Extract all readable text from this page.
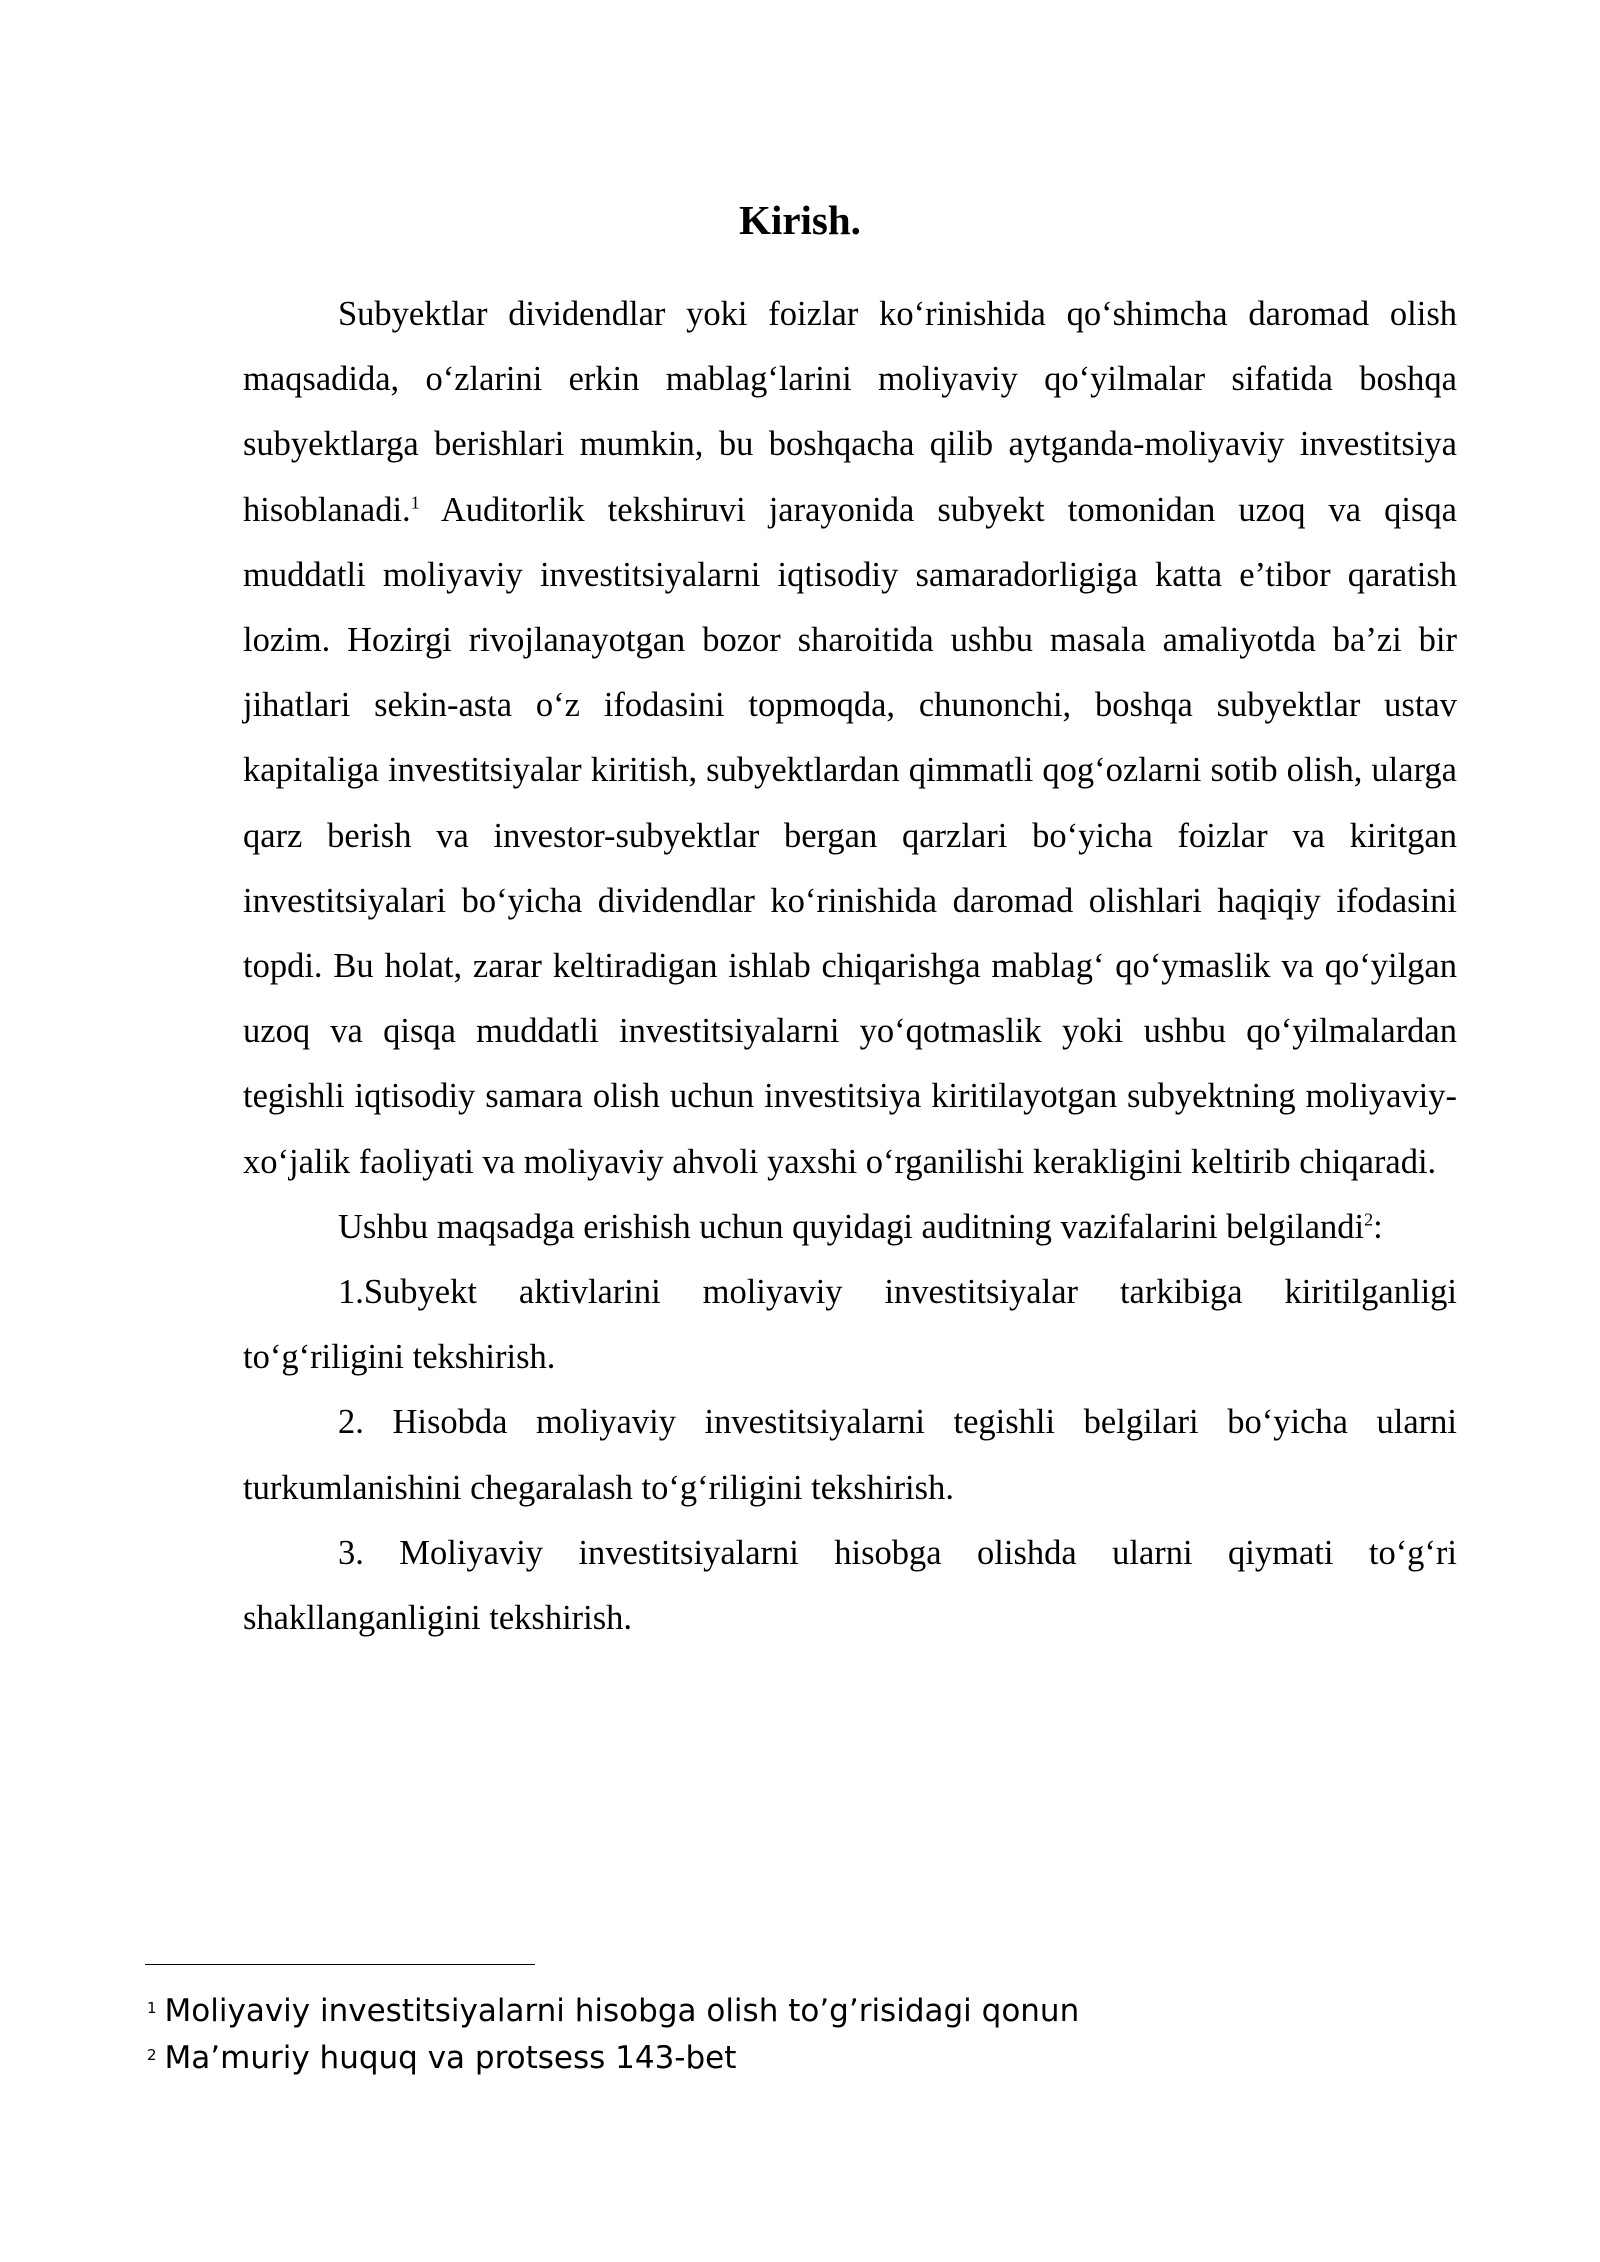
Kirish.

Subyektlar dividendlar yoki foizlar ko‘rinishida qo‘shimcha daromad olish maqsadida, o‘zlarini erkin mablag‘larini moliyaviy qo‘yilmalar sifatida boshqa subyektlarga berishlari mumkin, bu boshqacha qilib aytganda-moliyaviy investitsiya hisoblanadi.$^1$ Auditorlik tekshiruvi jarayonida subyekt tomonidan uzoq va qisqa muddatli moliyaviy investitsiyalarni iqtisodiy samaradorligiga katta e’tibor qaratish lozim. Hozirgi rivojlanayotgan bozor sharoitida ushbu masala amaliyotda ba’zi bir jihatlari sekin-asta o‘z ifodasini topmoqda, chunonchi, boshqa subyektlar ustav kapitaliga investitsiyalar kiritish, subyektlardan qimmatli qog‘ozlarni sotib olish, ularga qarz berish va investor-subyektlar bergan qarzlari bo‘yicha foizlar va kiritgan investitsiyalari bo‘yicha dividendlar ko‘rinishida daromad olishlari haqiqiy ifodasini topdi. Bu holat, zarar keltiradigan ishlab chiqarishga mablag‘ qo‘ymaslik va qo‘yilgan uzoq va qisqa muddatli investitsiyalarni yo‘qotmaslik yoki ushbu qo‘yilmalardan tegishli iqtisodiy samara olish uchun investitsiya kiritilayotgan subyektning moliyaviy-xo‘jalik faoliyati va moliyaviy ahvoli yaxshi o‘rganilishi kerakligini keltirib chiqaradi.

Ushbu maqsadga erishish uchun quyidagi auditning vazifalarini belgilandi$^2$:

1.Subyekt aktivlarini moliyaviy investitsiyalar tarkibiga kiritilganligi to‘g‘riligini tekshirish.

2. Hisobda moliyaviy investitsiyalarni tegishli belgilari bo‘yicha ularni turkumlanishini chegaralash to‘g‘riligini tekshirish.

3. Moliyaviy investitsiyalarni hisobga olishda ularni qiymati to‘g‘ri shakllanganligini tekshirish.

$^1$ Moliyaviy investitsiyalarni hisobga olish to’g’risidagi qonun
$^2$ Ma’muriy huquq va protsess 143-bet
